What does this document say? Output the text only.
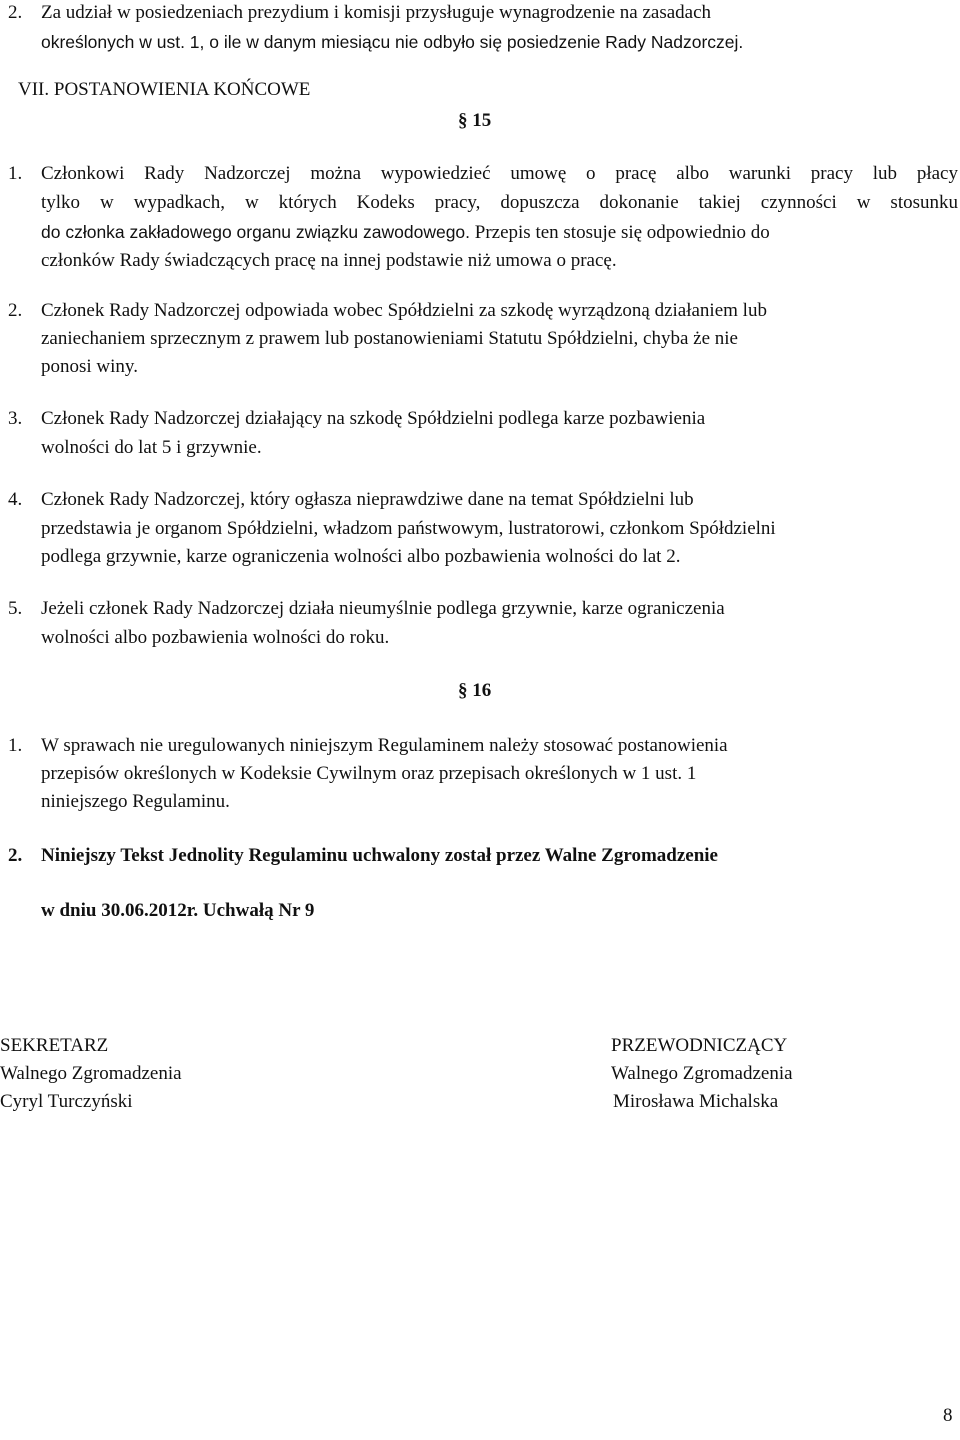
2. Za udział w posiedzeniach prezydium i komisji przysługuje wynagrodzenie na zasadach
określonych w ust. 1, o ile w danym miesiącu nie odbyło się posiedzenie Rady Nadzorczej.
VII. POSTANOWIENIA KOŃCOWE
§ 15
1. Członkowi Rady Nadzorczej można wypowiedzieć umowę o pracę albo warunki pracy lub płacy
tylko w wypadkach, w których Kodeks pracy, dopuszcza dokonanie takiej czynności w stosunku
do członka zakładowego organu związku zawodowego. Przepis ten stosuje się odpowiednio do
członków Rady świadczących pracę na innej podstawie niż umowa o pracę.
2. Członek Rady Nadzorczej odpowiada wobec Spółdzielni za szkodę wyrządzoną działaniem lub
zaniechaniem sprzecznym z prawem lub postanowieniami Statutu Spółdzielni, chyba że nie
ponosi winy.
3. Członek Rady Nadzorczej działający na szkodę Spółdzielni podlega karze pozbawienia
wolności do lat 5 i grzywnie.
4. Członek Rady Nadzorczej, który ogłasza nieprawdziwe dane na temat Spółdzielni lub
przedstawia je organom Spółdzielni, władzom państwowym, lustratorowi, członkom Spółdzielni
podlega grzywnie, karze ograniczenia wolności albo pozbawienia wolności do lat 2.
5. Jeżeli członek Rady Nadzorczej działa nieumyślnie podlega grzywnie, karze ograniczenia
wolności albo pozbawienia wolności do roku.
§ 16
1. W sprawach nie uregulowanych niniejszym Regulaminem należy stosować postanowienia
przepisów określonych w Kodeksie Cywilnym oraz przepisach określonych w 1 ust. 1
niniejszego Regulaminu.
2. Niniejszy Tekst Jednolity Regulaminu uchwalony został przez Walne Zgromadzenie
w dniu 30.06.2012r. Uchwałą Nr 9
SEKRETARZ
Walnego Zgromadzenia
Cyryl Turczyński
PRZEWODNICZĄCY
Walnego Zgromadzenia
Mirosława Michalska
8
